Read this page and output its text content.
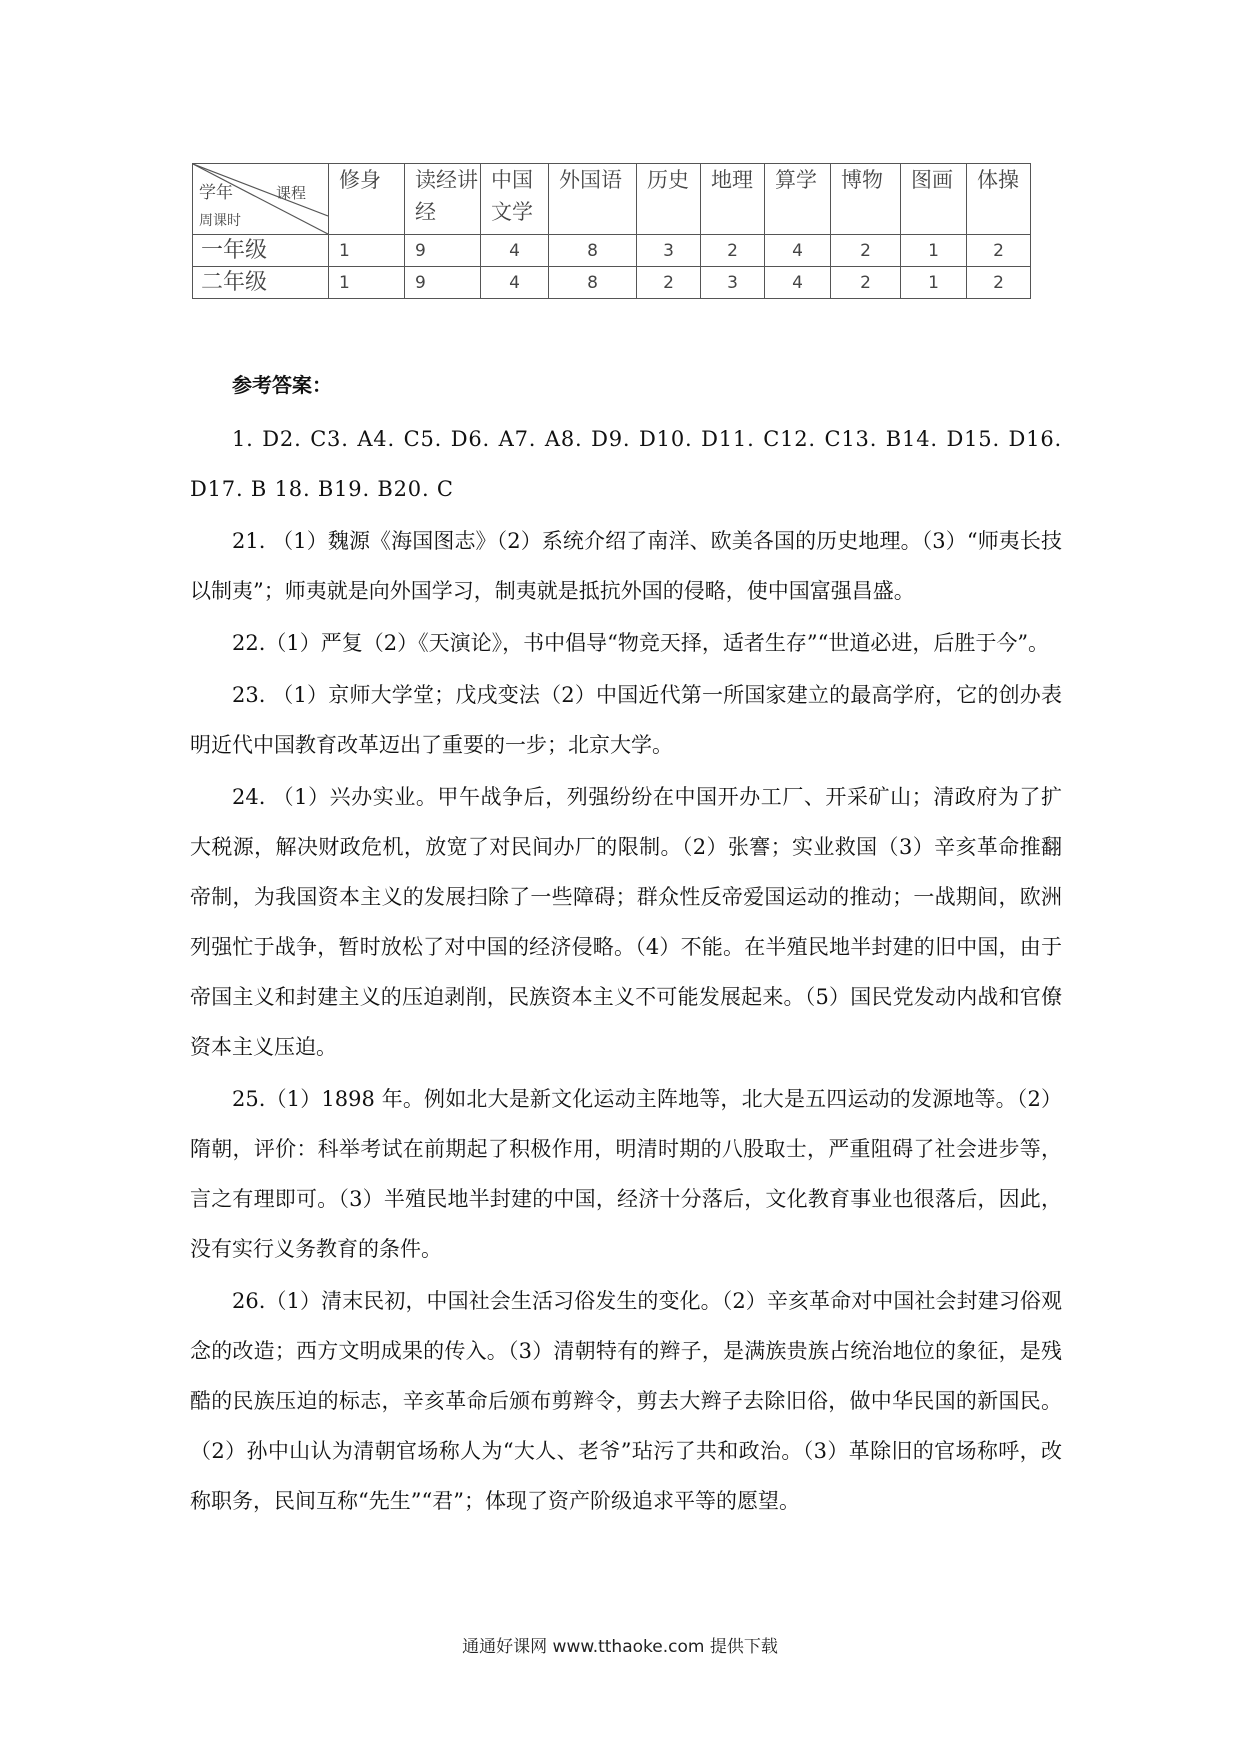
学年 课程
周课时	修身	读经讲经	中国文学	外国语	历史	地理	算学	博物	图画	体操
一年级	1	9	4	8	3	2	4	2	1	2
二年级	1	9	4	8	2	3	4	2	1	2
参考答案：

1. D2. C3. A4. C5. D6. A7. A8. D9. D10. D11. C12. C13. B14. D15. D16. D17. B 18. B19. B20. C

21. （1）魏源《海国图志》（2）系统介绍了南洋、欧美各国的历史地理。（3）“师夷长技以制夷”；师夷就是向外国学习，制夷就是抵抗外国的侵略，使中国富强昌盛。

22.（1）严复（2）《天演论》，书中倡导“物竞天择，适者生存”“世道必进，后胜于今”。

23. （1）京师大学堂；戊戌变法（2）中国近代第一所国家建立的最高学府，它的创办表明近代中国教育改革迈出了重要的一步；北京大学。

24. （1）兴办实业。甲午战争后，列强纷纷在中国开办工厂、开采矿山；清政府为了扩大税源，解决财政危机，放宽了对民间办厂的限制。（2）张謇；实业救国（3）辛亥革命推翻帝制，为我国资本主义的发展扫除了一些障碍；群众性反帝爱国运动的推动；一战期间，欧洲列强忙于战争，暂时放松了对中国的经济侵略。（4）不能。在半殖民地半封建的旧中国，由于帝国主义和封建主义的压迫剥削，民族资本主义不可能发展起来。（5）国民党发动内战和官僚资本主义压迫。

25.（1）1898 年。例如北大是新文化运动主阵地等，北大是五四运动的发源地等。（2）隋朝，评价：科举考试在前期起了积极作用，明清时期的八股取士，严重阻碍了社会进步等，言之有理即可。（3）半殖民地半封建的中国，经济十分落后，文化教育事业也很落后，因此，没有实行义务教育的条件。

26.（1）清末民初，中国社会生活习俗发生的变化。（2）辛亥革命对中国社会封建习俗观念的改造；西方文明成果的传入。（3）清朝特有的辫子，是满族贵族占统治地位的象征，是残酷的民族压迫的标志，辛亥革命后颁布剪辫令，剪去大辫子去除旧俗，做中华民国的新国民。（2）孙中山认为清朝官场称人为“大人、老爷”玷污了共和政治。（3）革除旧的官场称呼，改称职务，民间互称“先生”“君”；体现了资产阶级追求平等的愿望。

通通好课网 www.tthaoke.com 提供下载
